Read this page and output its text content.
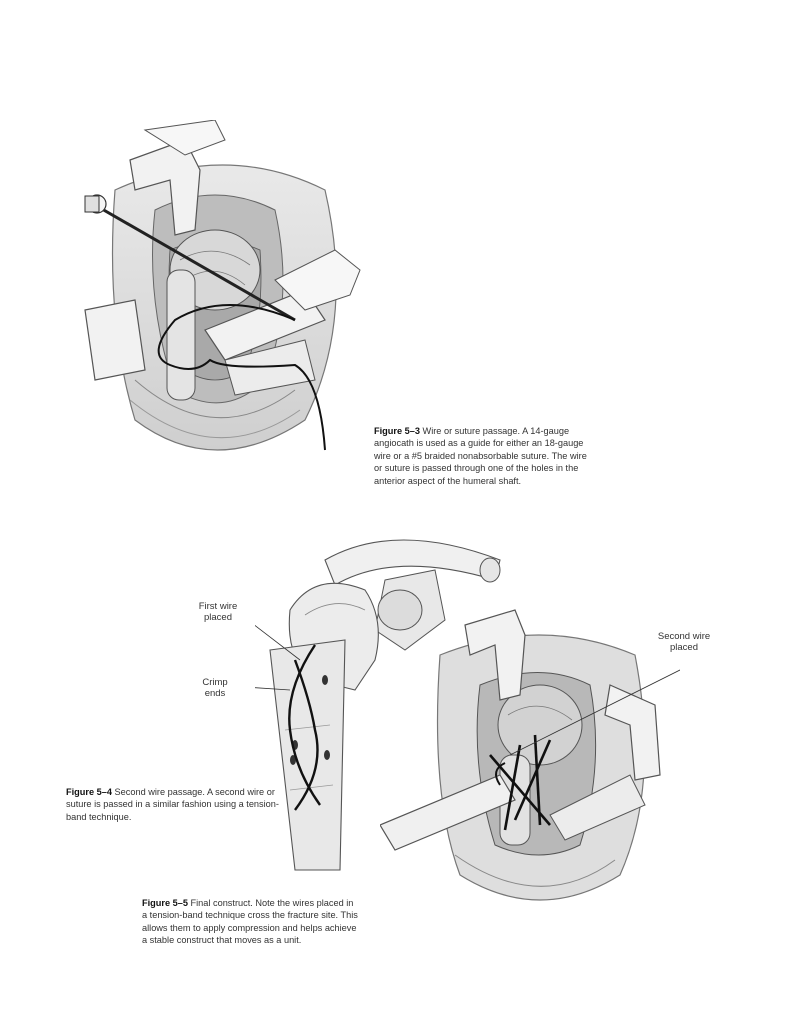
Figure 5–3 Wire or suture passage. A 14-gauge angiocath is used as a guide for either an 18-gauge wire or a #5 braided nonabsorbable suture. The wire or suture is passed through one of the holes in the anterior aspect of the humeral shaft.
First wire placed
Crimp ends
Figure 5–4 Second wire passage. A second wire or suture is passed in a similar fashion using a tension-band technique.
Second wire placed
Figure 5–5 Final construct. Note the wires placed in a tension-band technique cross the fracture site. This allows them to apply compression and helps achieve a stable construct that moves as a unit.
